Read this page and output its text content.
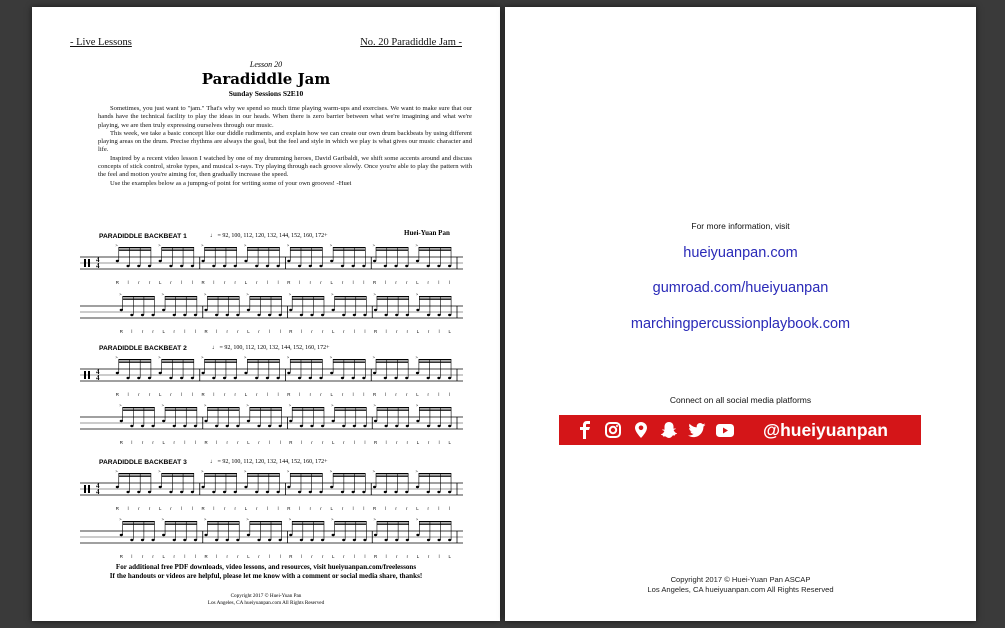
- Live Lessons	No. 20 Paradiddle Jam -
Lesson 20
Paradiddle Jam
Sunday Sessions S2E10

Sometimes, you just want to "jam." That's why we spend so much time playing warm-ups and exercises. We want to make sure that our hands have the technical facility to play the ideas in our heads. When there is zero barrier between what we're imagining and what we're playing, we are then truly expressing ourselves through our music.

This week, we take a basic concept like our diddle rudiments, and explain how we can create our own drum backbeats by using different playing areas on the drum. Precise rhythms are always the goal, but the feel and style in which we play is what gives our music character and life.

Inspired by a recent video lesson I watched by one of my drumming heroes, David Garibaldi, we shift some accents around and discuss concepts of stick control, stroke types, and musical x-rays. Try playing through each groove slowly. Once you're able to play the pattern with the feel and motion you're aiming for, then gradually increase the speed.

Use the examples below as a jumpng-of point for writing some of your own grooves! -Huei

Huei-Yuan Pan
PARADIDDLE BACKBEAT 1	♩ = 92, 100, 112, 120, 132, 144, 152, 160, 172+
4
4
>
R l r r
>
L r l l
>
R l r r
>
L r l l
>
R l r r
>
L r l l
>
R l r r
>
L r l l
>
R l r r
>
L r l l
>
R l r r
>
L r l l
>
R l r r
>
L r l l
>
R l r r
>
L r l L
PARADIDDLE BACKBEAT 2	♩ = 92, 100, 112, 120, 132, 144, 152, 160, 172+
4
4
>
R l r r
>
L r l l
>
R l r r
>
L r l l
>
R l r r
>
L r l l
>
R l r r
>
L r l l
>
R l r r
>
L r l l
>
R l r r
>
L r l l
>
R l r r
>
L r l l
>
R l r r
>
L r l L
PARADIDDLE BACKBEAT 3	♩ = 92, 100, 112, 120, 132, 144, 152, 160, 172+
4
4
>
R l r r
>
L r l l
>
R l r r
>
L r l l
>
R l r r
>
L r l l
>
R l r r
>
L r l l
>
R l r r
>
L r l l
>
R l r r
>
L r l l
>
R l r r
>
L r l l
>
R l r r
>
L r l L
For additional free PDF downloads, video lessons, and resources, visit hueiyuanpan.com/freelessons
If the handouts or videos are helpful, please let me know with a comment or social media share, thanks!
Copyright 2017 © Huei-Yuan Pan
Los Angeles, CA hueiyuanpan.com All Rights Reserved
For more information, visit
hueiyuanpan.com
gumroad.com/hueiyuanpan
marchingpercussionplaybook.com
Connect on all social media platforms
@hueiyuanpan
Copyright 2017 © Huei-Yuan Pan ASCAP
Los Angeles, CA hueiyuanpan.com All Rights Reserved
